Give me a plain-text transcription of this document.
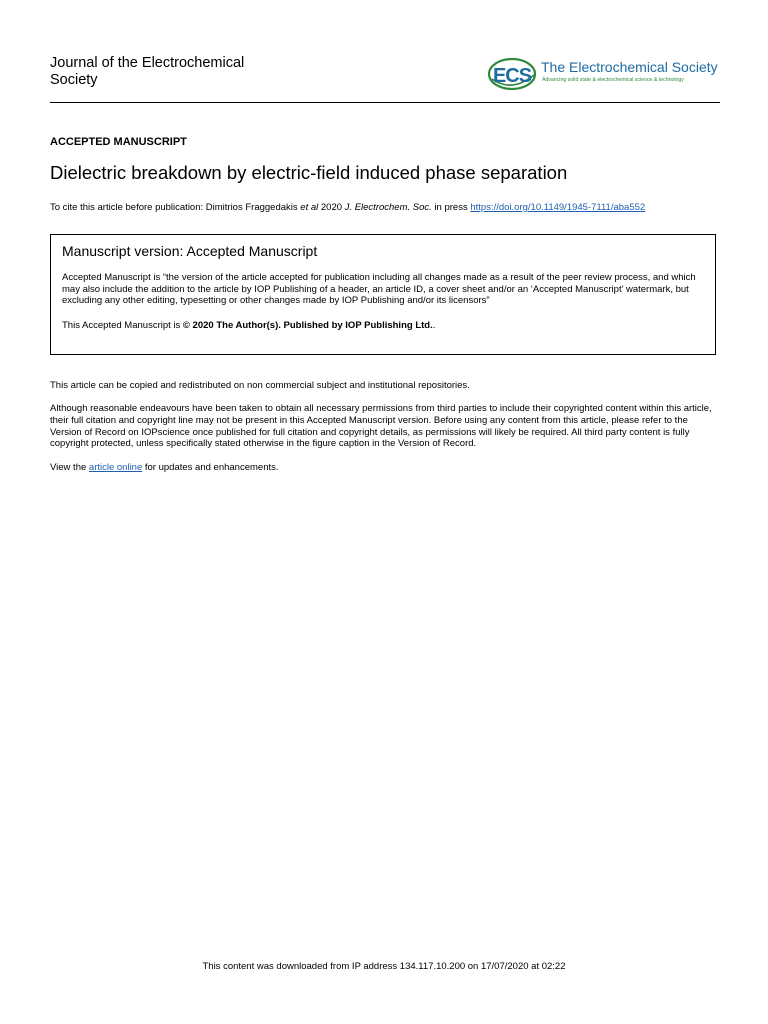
Journal of the Electrochemical
Society	ECS The Electrochemical Society
Advancing solid state & electrochemical science & technology
ACCEPTED MANUSCRIPT
Dielectric breakdown by electric-field induced phase separation
To cite this article before publication: Dimitrios Fraggedakis et al 2020 J. Electrochem. Soc. in press https://doi.org/10.1149/1945-7111/aba552
Manuscript version: Accepted Manuscript
Accepted Manuscript is “the version of the article accepted for publication including all changes made as a result of the peer review process, and which may also include the addition to the article by IOP Publishing of a header, an article ID, a cover sheet and/or an ‘Accepted Manuscript’ watermark, but excluding any other editing, typesetting or other changes made by IOP Publishing and/or its licensors”
This Accepted Manuscript is © 2020 The Author(s). Published by IOP Publishing Ltd..
This article can be copied and redistributed on non commercial subject and institutional repositories.
Although reasonable endeavours have been taken to obtain all necessary permissions from third parties to include their copyrighted content within this article, their full citation and copyright line may not be present in this Accepted Manuscript version. Before using any content from this article, please refer to the Version of Record on IOPscience once published for full citation and copyright details, as permissions will likely be required. All third party content is fully copyright protected, unless specifically stated otherwise in the figure caption in the Version of Record.
View the article online for updates and enhancements.
This content was downloaded from IP address 134.117.10.200 on 17/07/2020 at 02:22
